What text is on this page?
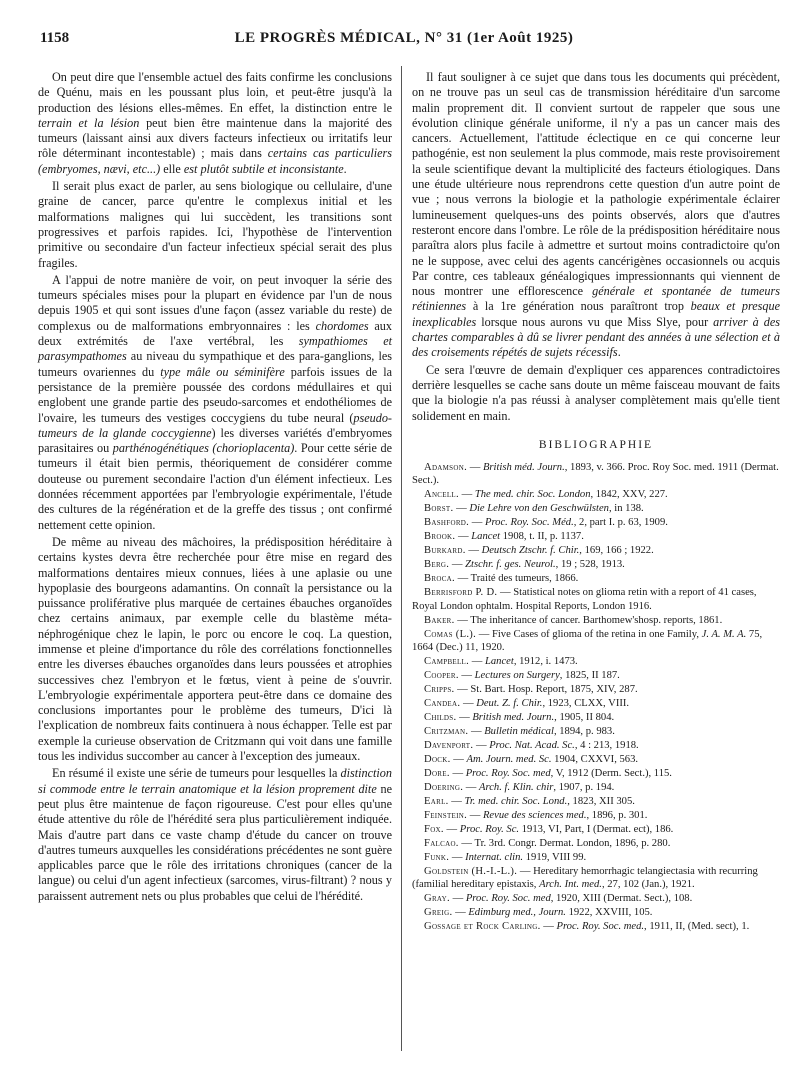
1158	LE PROGRÈS MÉDICAL, N° 31 (1er Août 1925)

On peut dire que l'ensemble actuel des faits confirme les conclusions de Quénu, mais en les poussant plus loin, et peut-être jusqu'à la production des lésions elles-mêmes. En effet, la distinction entre le terrain et la lésion peut bien être maintenue dans la majorité des tumeurs (laissant ainsi aux divers facteurs infectieux ou irritatifs leur rôle déterminant incontestable) ; mais dans certains cas particuliers (embryomes, nævi, etc...) elle est plutôt subtile et inconsistante.

Il serait plus exact de parler, au sens biologique ou cellulaire, d'une graine de cancer, parce qu'entre le complexus initial et les malformations malignes qui lui succèdent, les transitions sont progressives et parfois rapides. Ici, l'hypothèse de l'intervention primitive ou secondaire d'un facteur infectieux spécial serait des plus fragiles.

A l'appui de notre manière de voir, on peut invoquer la série des tumeurs spéciales mises pour la plupart en évidence par l'un de nous depuis 1905 et qui sont issues d'une façon (assez variable du reste) de complexus ou de malformations embryonnaires : les chordomes aux deux extrémités de l'axe vertébral, les sympathiomes et parasympathomes au niveau du sympathique et des para-ganglions, les tumeurs ovariennes du type mâle ou séminifère parfois issues de la persistance de la première poussée des cordons médullaires et qui englobent une grande partie des pseudo-sarcomes et endothéliomes de l'ovaire, les tumeurs des vestiges coccygiens du tube neural (pseudo-tumeurs de la glande coccygienne) les diverses variétés d'embryomes parasitaires ou parthénogénétiques (chorioplacenta). Pour cette série de tumeurs il était bien permis, théoriquement de considérer comme douteuse ou purement secondaire l'action d'un élément infectieux. Les données récemment apportées par l'embryologie expérimentale, l'étude des cultures de la régénération et de la greffe des tissus ; ont confirmé nettement cette opinion.

De même au niveau des mâchoires, la prédisposition héréditaire à certains kystes devra être recherchée pour être mise en regard des malformations dentaires mieux connues, liées à une aplasie ou une hypoplasie des bourgeons adamantins. On connaît la persistance ou la puissance proliférative plus marquée de certaines ébauches organoïdes chez certains animaux, par exemple celle du blastème méta-néphrogénique chez le lapin, le porc ou encore le coq. La question, immense et pleine d'importance du rôle des corrélations fonctionnelles entre les diverses ébauches organoïdes dans leurs poussées et atrophies successives chez l'embryon et le fœtus, vient à peine de s'ouvrir. L'embryologie expérimentale apportera peut-être dans ce domaine des conclusions importantes pour le problème des tumeurs, D'ici là l'explication de nombreux faits continuera à nous échapper. Telle est par exemple la curieuse observation de Critzmann qui voit dans une famille tous les individus succomber au cancer à l'exception des jumeaux.

En résumé il existe une série de tumeurs pour lesquelles la distinction si commode entre le terrain anatomique et la lésion proprement dite ne peut plus être maintenue de façon rigoureuse. C'est pour elles qu'une étude attentive du rôle de l'hérédité sera plus particulièrement indiquée. Mais d'autre part dans ce vaste champ d'étude du cancer on trouve d'autres tumeurs auxquelles les considérations précédentes ne sont guère applicables parce que le rôle des irritations chroniques (cancer de la langue) ou celui d'un agent infectieux (sarcomes, virus-filtrant) ? nous y paraissent autrement nets ou plus probables que celui de l'hérédité.

Il faut souligner à ce sujet que dans tous les documents qui précèdent, on ne trouve pas un seul cas de transmission héréditaire d'un sarcome malin proprement dit. Il convient surtout de rappeler que sous une évolution clinique générale uniforme, il n'y a pas un cancer mais des cancers. Actuellement, l'attitude éclectique en ce qui concerne leur pathogénie, est non seulement la plus commode, mais reste provisoirement la seule scientifique devant la multiplicité des facteurs étiologiques. Dans une étude ultérieure nous reprendrons cette question d'un autre point de vue ; nous verrons la biologie et la pathologie expérimentale éclairer lumineusement quelques-uns des points observés, alors que d'autres resteront encore dans l'ombre. Le rôle de la prédisposition héréditaire nous paraîtra alors plus facile à admettre et surtout moins contradictoire qu'on ne le suppose, avec celui des agents cancérigènes occasionnels ou acquis Par contre, ces tableaux généalogiques impressionnants qui viennent de nous montrer une efflorescence générale et spontanée de tumeurs rétiniennes à la 1re génération nous paraîtront trop beaux et presque inexplicables lorsque nous aurons vu que Miss Slye, pour arriver à des chartes comparables à dû se livrer pendant des années à une sélection et à des croisements répétés de sujets récessifs.

Ce sera l'œuvre de demain d'expliquer ces apparences contradictoires derrière lesquelles se cache sans doute un même faisceau mouvant de faits que la biologie n'a pas réussi à analyser complètement mais qu'elle tient solidement en main.

BIBLIOGRAPHIE
Adamson. — British méd. Journ., 1893, v. 366. Proc. Roy Soc. med. 1911 (Dermat. Sect.).
Ancell. — The med. chir. Soc. London, 1842, XXV, 227.
Borst. — Die Lehre von den Geschwülsten, in 138.
Bashford. — Proc. Roy. Soc. Méd., 2, part I. p. 63, 1909.
Brook. — Lancet 1908, t. II, p. 1137.
Burkard. — Deutsch Ztschr. f. Chir., 169, 166 ; 1922.
Berg. — Ztschr. f. ges. Neurol., 19 ; 528, 1913.
Broca. — Traité des tumeurs, 1866.
Berrisford P. D. — Statistical notes on glioma retin with a report of 41 cases, Royal London ophtalm. Hospital Reports, London 1916.
Baker. — The inheritance of cancer. Barthomew'shosp. reports, 1861.
Comas (L.). — Five Cases of glioma of the retina in one Family, J. A. M. A. 75, 1664 (Dec.) 11, 1920.
Campbell. — Lancet, 1912, i. 1473.
Cooper. — Lectures on Surgery, 1825, II 187.
Cripps. — St. Bart. Hosp. Report, 1875, XIV, 287.
Candea. — Deut. Z. f. Chir., 1923, CLXX, VIII.
Childs. — British med. Journ., 1905, II 804.
Critzman. — Bulletin médical, 1894, p. 983.
Davenport. — Proc. Nat. Acad. Sc., 4 : 213, 1918.
Dock. — Am. Journ. med. Sc. 1904, CXXVI, 563.
Dore. — Proc. Roy. Soc. med, V, 1912 (Derm. Sect.), 115.
Doering. — Arch. f. Klin. chir, 1907, p. 194.
Earl. — Tr. med. chir. Soc. Lond., 1823, XII 305.
Feinstein. — Revue des sciences med., 1896, p. 301.
Fox. — Proc. Roy. Sc. 1913, VI, Part, I (Dermat. ect), 186.
Falcao. — Tr. 3rd. Congr. Dermat. London, 1896, p. 280.
Funk. — Internat. clin. 1919, VIII 99.
Goldstein (H.-I.-L.). — Hereditary hemorrhagic telangiectasia with recurring (familial hereditary epistaxis, Arch. Int. med., 27, 102 (Jan.), 1921.
Gray. — Proc. Roy. Soc. med, 1920, XIII (Dermat. Sect.), 108.
Greig. — Edimburg med., Journ. 1922, XXVIII, 105.
Gossage et Rock Carling. — Proc. Roy. Soc. med., 1911, II, (Med. sect), 1.
